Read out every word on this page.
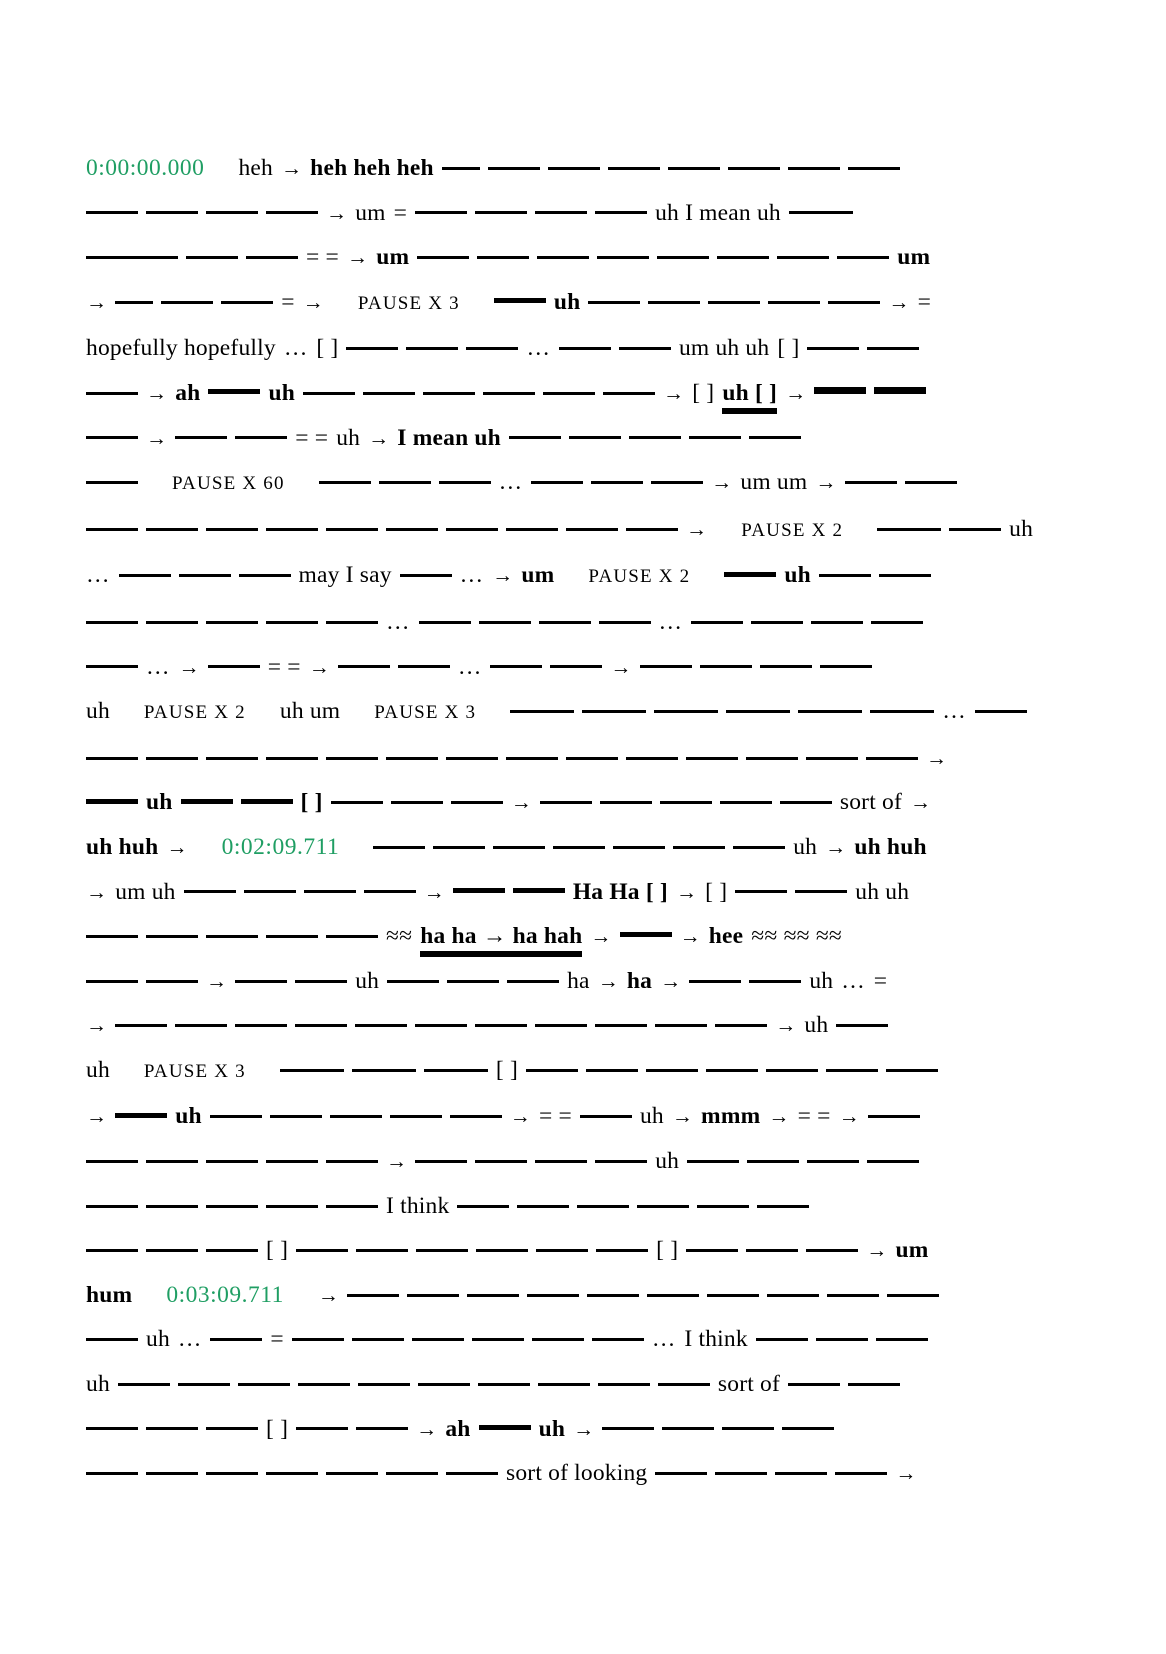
0:00:00.000 heh → heh heh heh
→ um =	uh I mean uh
= = → um	um
→	= → PAUSE X 3	uh	→ =
hopefully hopefully … [ ]	…	um uh uh [ ]
→ ah	uh	→ [ ] uh [ ] →
→	= = uh → I mean uh
PAUSE X 60	…	→ um um →
→ PAUSE X 2	uh
…	may I say	… → um PAUSE X 2	uh
…	…
… →	= = →	…	→
uh PAUSE X 2 uh um PAUSE X 3	…
→
uh	[ ]	→	sort of →
uh huh → 0:02:09.711	uh → uh huh
→ um uh	→	Ha Ha [ ] → [ ]	uh uh
≈≈ ha ha → ha hah →	→ hee ≈≈ ≈≈ ≈≈
→	uh	ha → ha →	uh … =
→	→ uh
uh PAUSE X 3	[ ]
→	uh	→ = =	uh → mmm → = = →
→	uh
I think
[ ]	[ ]	→ um
hum 0:03:09.711 →
uh …	=	… I think
uh	sort of
[ ]	→ ah	uh →
sort of looking	→
